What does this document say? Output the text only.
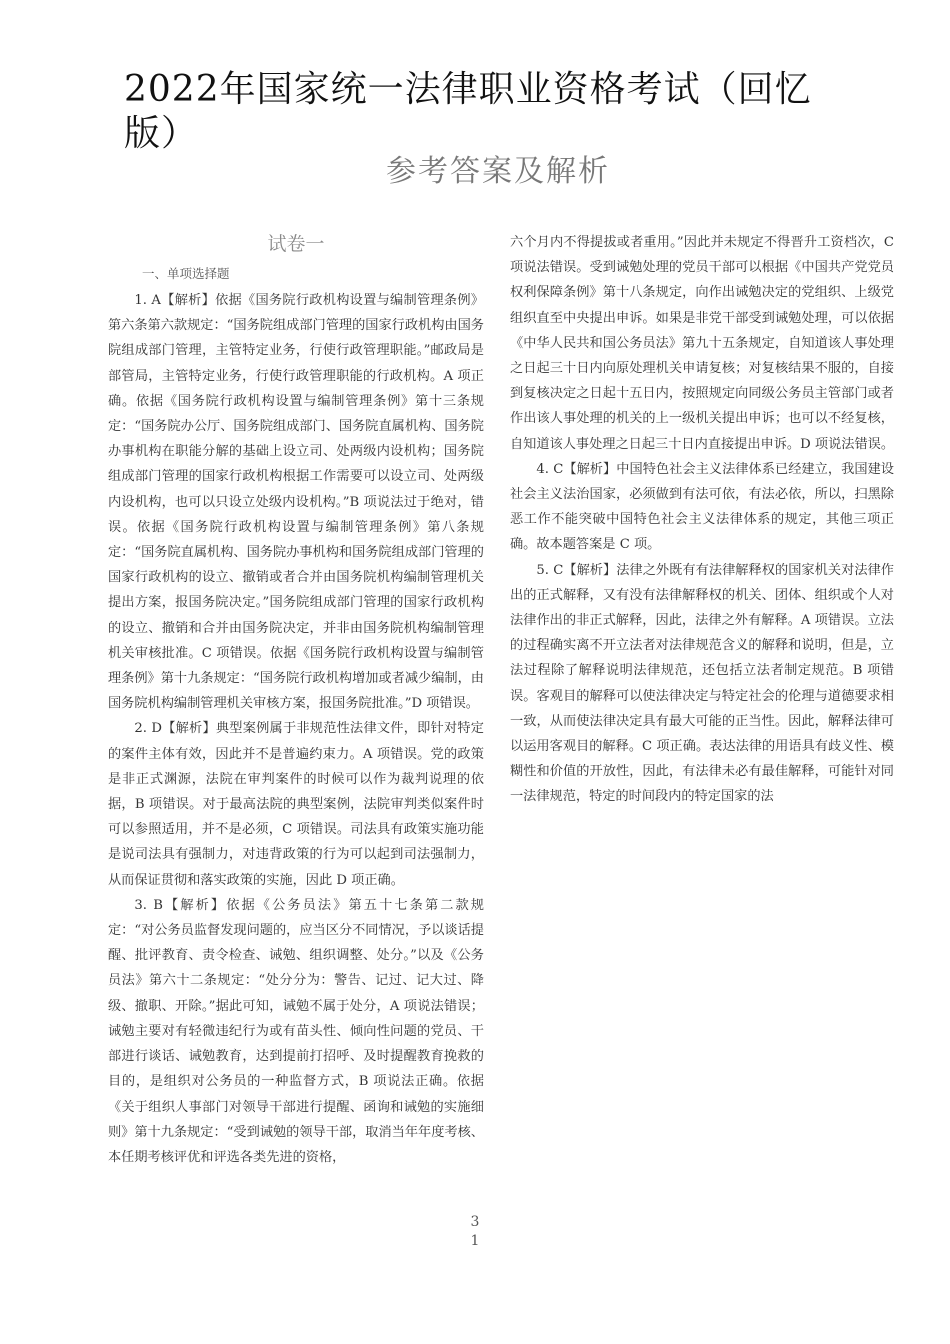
2022年国家统一法律职业资格考试（回忆版）
参考答案及解析
试卷一
一、单项选择题

1. A【解析】依据《国务院行政机构设置与编制管理条例》第六条第六款规定：“国务院组成部门管理的国家行政机构由国务院组成部门管理，主管特定业务，行使行政管理职能。”邮政局是部管局，主管特定业务，行使行政管理职能的行政机构。A 项正确。依据《国务院行政机构设置与编制管理条例》第十三条规定：“国务院办公厅、国务院组成部门、国务院直属机构、国务院办事机构在职能分解的基础上设立司、处两级内设机构；国务院组成部门管理的国家行政机构根据工作需要可以设立司、处两级内设机构，也可以只设立处级内设机构。”B 项说法过于绝对，错误。依据《国务院行政机构设置与编制管理条例》第八条规定：“国务院直属机构、国务院办事机构和国务院组成部门管理的国家行政机构的设立、撤销或者合并由国务院机构编制管理机关提出方案，报国务院决定。”国务院组成部门管理的国家行政机构的设立、撤销和合并由国务院决定，并非由国务院机构编制管理机关审核批准。C 项错误。依据《国务院行政机构设置与编制管理条例》第十九条规定：“国务院行政机构增加或者减少编制，由国务院机构编制管理机关审核方案，报国务院批准。”D 项错误。

2. D【解析】典型案例属于非规范性法律文件，即针对特定的案件主体有效，因此并不是普遍约束力。A 项错误。党的政策是非正式渊源，法院在审判案件的时候可以作为裁判说理的依据，B 项错误。对于最高法院的典型案例，法院审判类似案件时可以参照适用，并不是必须，C 项错误。司法具有政策实施功能是说司法具有强制力，对违背政策的行为可以起到司法强制力，从而保证贯彻和落实政策的实施，因此 D 项正确。

3. B【解析】依据《公务员法》第五十七条第二款规定：“对公务员监督发现问题的，应当区分不同情况，予以谈话提醒、批评教育、责令检查、诫勉、组织调整、处分。”以及《公务员法》第六十二条规定：“处分分为：警告、记过、记大过、降级、撤职、开除。”据此可知，诫勉不属于处分，A 项说法错误；诫勉主要对有轻微违纪行为或有苗头性、倾向性问题的党员、干部进行谈话、诫勉教育，达到提前打招呼、及时提醒教育挽救的目的，是组织对公务员的一种监督方式，B 项说法正确。依据《关于组织人事部门对领导干部进行提醒、函询和诫勉的实施细则》第十九条规定：“受到诫勉的领导干部，取消当年年度考核、本任期考核评优和评选各类先进的资格，

六个月内不得提拔或者重用。”因此并未规定不得晋升工资档次，C 项说法错误。受到诫勉处理的党员干部可以根据《中国共产党党员权利保障条例》第十八条规定，向作出诫勉决定的党组织、上级党组织直至中央提出申诉。如果是非党干部受到诫勉处理，可以依据《中华人民共和国公务员法》第九十五条规定，自知道该人事处理之日起三十日内向原处理机关申请复核；对复核结果不服的，自接到复核决定之日起十五日内，按照规定向同级公务员主管部门或者作出该人事处理的机关的上一级机关提出申诉；也可以不经复核，自知道该人事处理之日起三十日内直接提出申诉。D 项说法错误。

4. C【解析】中国特色社会主义法律体系已经建立，我国建设社会主义法治国家，必须做到有法可依，有法必依，所以，扫黑除恶工作不能突破中国特色社会主义法律体系的规定，其他三项正确。故本题答案是 C 项。

5. C【解析】法律之外既有有法律解释权的国家机关对法律作出的正式解释，又有没有法律解释权的机关、团体、组织或个人对法律作出的非正式解释，因此，法律之外有解释。A 项错误。立法的过程确实离不开立法者对法律规范含义的解释和说明，但是，立法过程除了解释说明法律规范，还包括立法者制定规范。B 项错误。客观目的解释可以使法律决定与特定社会的伦理与道德要求相一致，从而使法律决定具有最大可能的正当性。因此，解释法律可以运用客观目的解释。C 项正确。表达法律的用语具有歧义性、模糊性和价值的开放性，因此，有法律未必有最佳解释，可能针对同一法律规范，特定的时间段内的特定国家的法

3
1
